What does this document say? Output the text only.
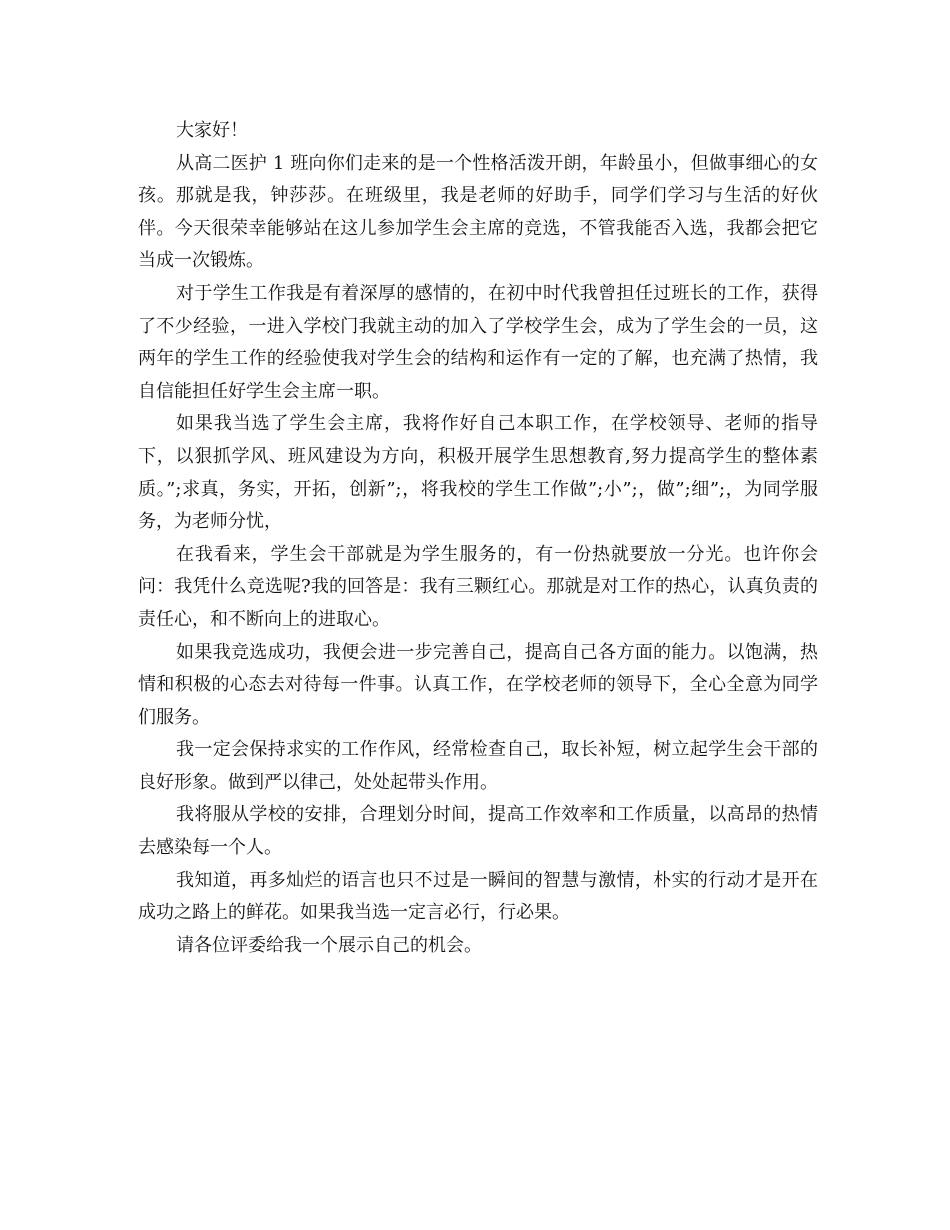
大家好！

从高二医护 1 班向你们走来的是一个性格活泼开朗，年龄虽小，但做事细心的女孩。那就是我，钟莎莎。在班级里，我是老师的好助手，同学们学习与生活的好伙伴。今天很荣幸能够站在这儿参加学生会主席的竞选，不管我能否入选，我都会把它当成一次锻炼。

对于学生工作我是有着深厚的感情的，在初中时代我曾担任过班长的工作，获得了不少经验，一进入学校门我就主动的加入了学校学生会，成为了学生会的一员，这两年的学生工作的经验使我对学生会的结构和运作有一定的了解，也充满了热情，我自信能担任好学生会主席一职。

如果我当选了学生会主席，我将作好自己本职工作，在学校领导、老师的指导下，以狠抓学风、班风建设为方向，积极开展学生思想教育,努力提高学生的整体素质。”;求真，务实，开拓，创新”;，将我校的学生工作做”;小”;，做”;细”;，为同学服务，为老师分忧，

在我看来，学生会干部就是为学生服务的，有一份热就要放一分光。也许你会问：我凭什么竞选呢?我的回答是：我有三颗红心。那就是对工作的热心，认真负责的责任心，和不断向上的进取心。

如果我竞选成功，我便会进一步完善自己，提高自己各方面的能力。以饱满，热情和积极的心态去对待每一件事。认真工作，在学校老师的领导下，全心全意为同学们服务。

我一定会保持求实的工作作风，经常检查自己，取长补短，树立起学生会干部的良好形象。做到严以律己，处处起带头作用。

我将服从学校的安排，合理划分时间，提高工作效率和工作质量，以高昂的热情去感染每一个人。

我知道，再多灿烂的语言也只不过是一瞬间的智慧与激情，朴实的行动才是开在成功之路上的鲜花。如果我当选一定言必行，行必果。

请各位评委给我一个展示自己的机会。
